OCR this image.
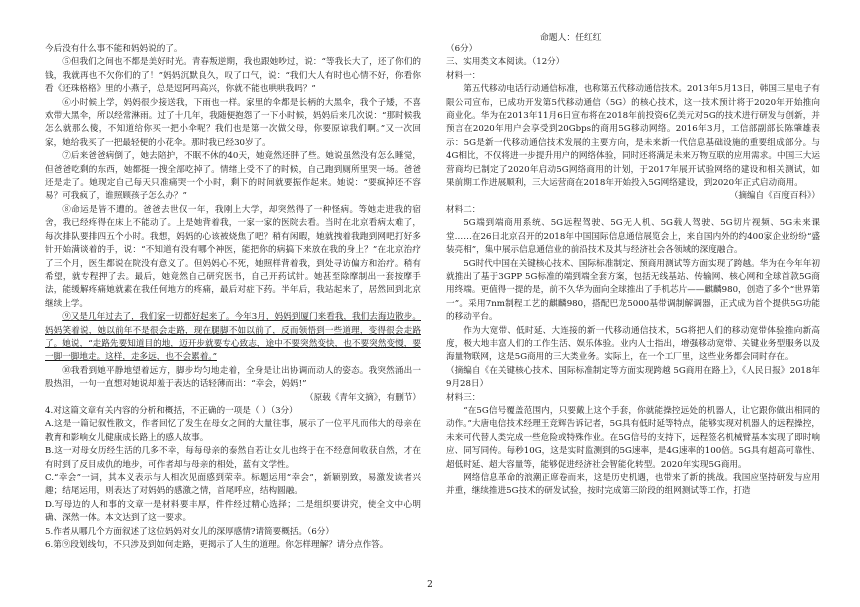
命题人：任红红

今后没有什么事不能和妈妈说的了。

⑤但我们之间也不都是美好时光。青春叛逆期，我也跟她吵过，说：“等我长大了，还了你们的钱，我就再也不欠你们的了！”妈妈沉默良久，叹了口气，说：“我们大人有时也心情不好，你看你看《还珠格格》里的小燕子，总是逗阿玛高兴，你就不能也哄哄我吗？”

⑥小时候上学，妈妈很少接送我，下雨也一样。家里的伞都是长柄的大黑伞，我个子矮，不喜欢带大黑伞，所以经常淋雨。过了十几年，我随便抱怨了一下小时候，妈妈后来几次说：“那时候我怎么就那么傻，不知道给你买一把小伞呢？我们也是第一次做父母，你要原谅我们啊。”又一次回家，她给我买了一把最轻便的小花伞。那时我已经30岁了。

⑦后来爸爸病倒了，她去陪护，不眠不休的40天，她竟然还胖了些。她说虽然没有怎么睡觉，但爸爸吃剩的东西，她都挺一搜全部吃掉了。情绪上受不了的时候，自己跑到厕所里哭一场。爸爸还是走了。她现定自己每天只准痛哭一个小时，剩下的时间就要振作起来。她说：“要疯掉还不容易？可我疯了，谁照顾孩子怎么办？”

⑧命运是皆不遭的。爸爸去世仅一年，我刚上大学，却突然得了一种怪病。等她走进我的宿舍，我已经疼得在床上不能动了。上是她背着我，一家一家的医院去看。当时在北京看病太难了，每次排队要排四五个小时。我想，妈妈的心该被烧焦了吧？稍有闲暇，她就拽着我跑到网吧打好多针开始满谈着的手，说：“不知道有没有哪个神医，能把你的病搞下来放在我的身上？”在北京治疗了三个月，医生都说在院没有意义了。但妈妈心不死，她照样背着我，到处寻访偏方和治疗。稍有希望，就专程押了去。最后，她竟然自己研究医书，自己开药试针。她甚至除摩制出一套按摩手法，能缓解疼痛她就素在我任何地方的疼痛，最后对症下药。半年后，我站起来了，居然回到北京继续上学。

⑨又是几年过去了，我们家一切都好起来了。今年3月，妈妈到厦门来看我，我们去海边散步。妈妈笑着说，她以前年不是很会走路，现在腿脚不如以前了，反而领悟到一些道理，变得很会走路了。她说，“走路先要知道目的地，迈开步就要专心致志，途中不要突然变快，也不要突然变慢，要一脚一脚地走。这样，走多远，也不会累着。”

⑩我看到她平静地望着远方，脚步均匀地走着，全身是让出协调而动人的姿态。我突然涌出一股热泪，一句一直想对她说却羞于表达的话轻薄而出：“幸会，妈妈!”

（原载《青年文摘》，有删节）

4.对这篇文章有关内容的分析和概括，不正确的一项是（ ）（3分）

A.这是一篇记叙性散文，作者回忆了发生在母女之间的大量往事，展示了一位平凡而伟大的母亲在教育和影响女儿健康成长路上的感人故事。

B.这一对母女历经生活的几多不幸，每每母亲的泰然自若让女儿也终于在不经意间收获自然，才在有时到了反目成仇的地步，可作者却与母亲的相处，蓝有文学性。

C.“幸会”一词，其本义表示与人相次见面感到荣幸。标题运用“幸会”，新颖别致，易激发读者兴趣；结尾运用，则表达了对妈妈的感激之情，首尾呼应，结构圆融。

D.写母边的人和事的文章一是材料要丰厚，件件经过精心选择；二是组织要讲究，使全文中心明确、深然一体。本文达到了这一要求。

5.作者从哪几个方面叙述了这位妈妈对女儿的深厚感情?请简要概括。（6分）

6.第⑨段划线句，不只涉及到如何走路，更揭示了人生的道理。你怎样理解？请分点作答。

（6分）

三、实用类文本阅读。（12分）

材料一：

第五代移动电话行动通信标准，也称第五代移动通信技术。2013年5月13日，韩国三星电子有限公司宣布，已成功开发第5代移动通信（5G）的核心技术，这一技术预计将于2020年开始推向商业化。华为在2013年11月6日宣布将在2018年前投资6亿美元对5G的技术进行研发与创新，并预言在2020年用户会享受到20Gbps的商用5G移动网络。2016年3月，工信部副部长陈肇雄表示：5G是新一代移动通信技术发展的主要方向，是未来新一代信息基础设施的重要组成部分。与4G相比，不仅将进一步提升用户的网络体验，同时还将满足未来万物互联的应用需求。中国三大运营商均已制定了2020年启动5G网络商用的计划，于2017年展开试验网络的建设和相关测试，如果前期工作进展顺利，三大运营商在2018年开始投入5G网络建设，到2020年正式启动商用。

（摘编自《百度百科》）

材料二：

5G端到端商用系统、5G远程驾驶、5G无人机、5G载人驾驶、5G切片视频、5G未来课堂……在26日北京召开的2018年中国国际信息通信展览会上，来自国内外的约400家企业纷纷“盛装亮相”，集中展示信息通信业的前沿技术及其与经济社会各领域的深度融合。

5G时代中国在关键核心技术、国际标准制定、预商用测试等方面实现了跨越。华为在今年年初就推出了基于3GPP 5G标准的端到端全套方案，包括无线基站、传输网、核心网和全球首款5G商用终端。更值得一提的是，前不久华为面向全球推出了手机芯片——麒麟980，创造了多个“世界第一”。采用7nm制程工艺的麒麟980，搭配巴龙5000基带调制解调器，正式成为首个提供5G功能的移动平台。

作为大宽带、低时延、大连接的新一代移动通信技术，5G将把人们的移动宽带体验推向新高度，极大地丰富人们的工作生活、娱乐体验。业内人士指出，增强移动宽带、关键业务型服务以及海量物联网，这是5G商用的三大类业务。实际上，在一个工厂里，这些业务都会同时存在。

（摘编自《在关键核心技术、国际标准制定等方面实现跨越 5G商用在路上》，《人民日报》2018年9月28日）

材料三：

“在5G信号覆盖范围内，只要戴上这个手套，你就能操控远处的机器人，让它跟你做出相同的动作。”大唐电信技术经理王竞辉告诉记者，5G具有低时延等特点，能够实现对机器人的远程操控，未来可代替人类完成一些危险或特殊作业。在5G信号的支持下，远程签名机械臂基本实现了即时响应、同写同传。每秒10G，这是实时监测到的5G速率，是4G速率的100倍。5G具有超高可靠性、超低时延、超大容量等，能够促进经济社会智能化转型。2020年实现5G商用。

网络信息革命的浪潮正席卷而来，这是历史机遇，也带来了新的挑战。我国应坚持研发与应用并重，继续推进5G技术的研发试验，按时完成第三阶段的组网测试等工作，打造

2
